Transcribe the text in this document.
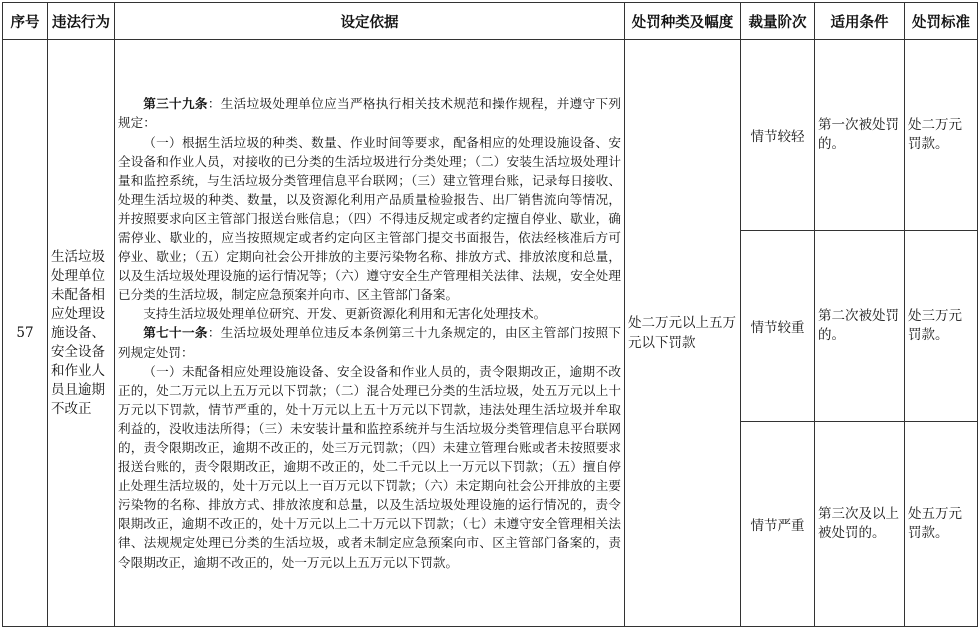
序号	违法行为	设定依据	处罚种类及幅度	裁量阶次	适用条件	处罚标准
57	生活垃圾处理单位未配备相应处理设施设备、安全设备和作业人员且逾期不改正	第三十九条：生活垃圾处理单位应当严格执行相关技术规范和操作规程，并遵守下列规定：

（一）根据生活垃圾的种类、数量、作业时间等要求，配备相应的处理设施设备、安全设备和作业人员，对接收的已分类的生活垃圾进行分类处理；（二）安装生活垃圾处理计量和监控系统，与生活垃圾分类管理信息平台联网；（三）建立管理台账，记录每日接收、处理生活垃圾的种类、数量，以及资源化利用产品质量检验报告、出厂销售流向等情况，并按照要求向区主管部门报送台账信息；（四）不得违反规定或者约定擅自停业、歇业，确需停业、歇业的，应当按照规定或者约定向区主管部门提交书面报告，依法经核准后方可停业、歇业；（五）定期向社会公开排放的主要污染物名称、排放方式、排放浓度和总量，以及生活垃圾处理设施的运行情况等；（六）遵守安全生产管理相关法律、法规，安全处理已分类的生活垃圾，制定应急预案并向市、区主管部门备案。

支持生活垃圾处理单位研究、开发、更新资源化利用和无害化处理技术。

第七十一条：生活垃圾处理单位违反本条例第三十九条规定的，由区主管部门按照下列规定处罚：

（一）未配备相应处理设施设备、安全设备和作业人员的，责令限期改正，逾期不改正的，处二万元以上五万元以下罚款；（二）混合处理已分类的生活垃圾，处五万元以上十万元以下罚款，情节严重的，处十万元以上五十万元以下罚款，违法处理生活垃圾并牟取利益的，没收违法所得；（三）未安装计量和监控系统并与生活垃圾分类管理信息平台联网的，责令限期改正，逾期不改正的，处三万元罚款；（四）未建立管理台账或者未按照要求报送台账的，责令限期改正，逾期不改正的，处二千元以上一万元以下罚款；（五）擅自停止处理生活垃圾的，处十万元以上一百万元以下罚款；（六）未定期向社会公开排放的主要污染物的名称、排放方式、排放浓度和总量，以及生活垃圾处理设施的运行情况的，责令限期改正，逾期不改正的，处十万元以上二十万元以下罚款；（七）未遵守安全管理相关法律、法规规定处理已分类的生活垃圾，或者未制定应急预案向市、区主管部门备案的，责令限期改正，逾期不改正的，处一万元以上五万元以下罚款。	处二万元以上五万元以下罚款	情节较轻	第一次被处罚的。	处二万元罚款。
				情节较重	第二次被处罚的。	处三万元罚款。
				情节严重	第三次及以上被处罚的。	处五万元罚款。
